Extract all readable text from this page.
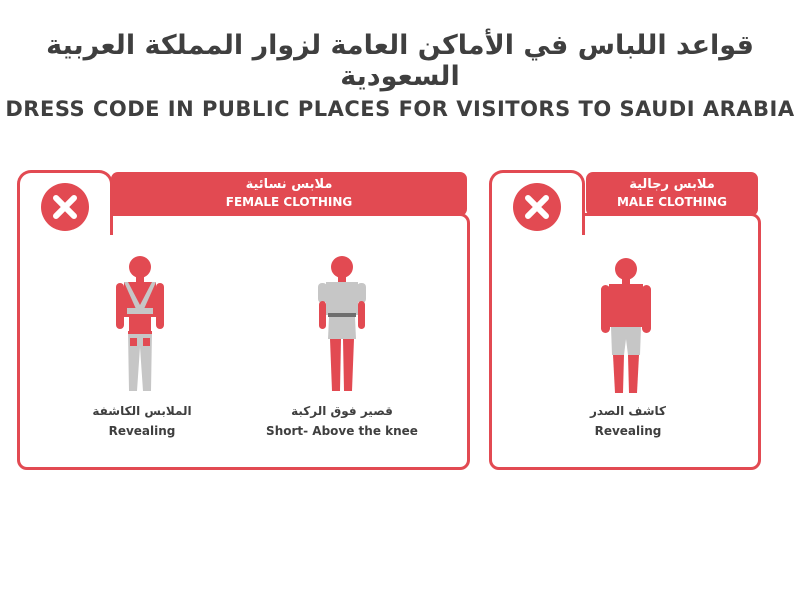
قواعد اللباس في الأماكن العامة لزوار المملكة العربية السعودية
DRESS CODE IN PUBLIC PLACES FOR VISITORS TO SAUDI ARABIA
ملابس نسائية
FEMALE CLOTHING
الملابس الكاشفة
Revealing
قصير فوق الركبة
Short- Above the knee
ملابس رجالية
MALE CLOTHING
كاشف الصدر
Revealing
